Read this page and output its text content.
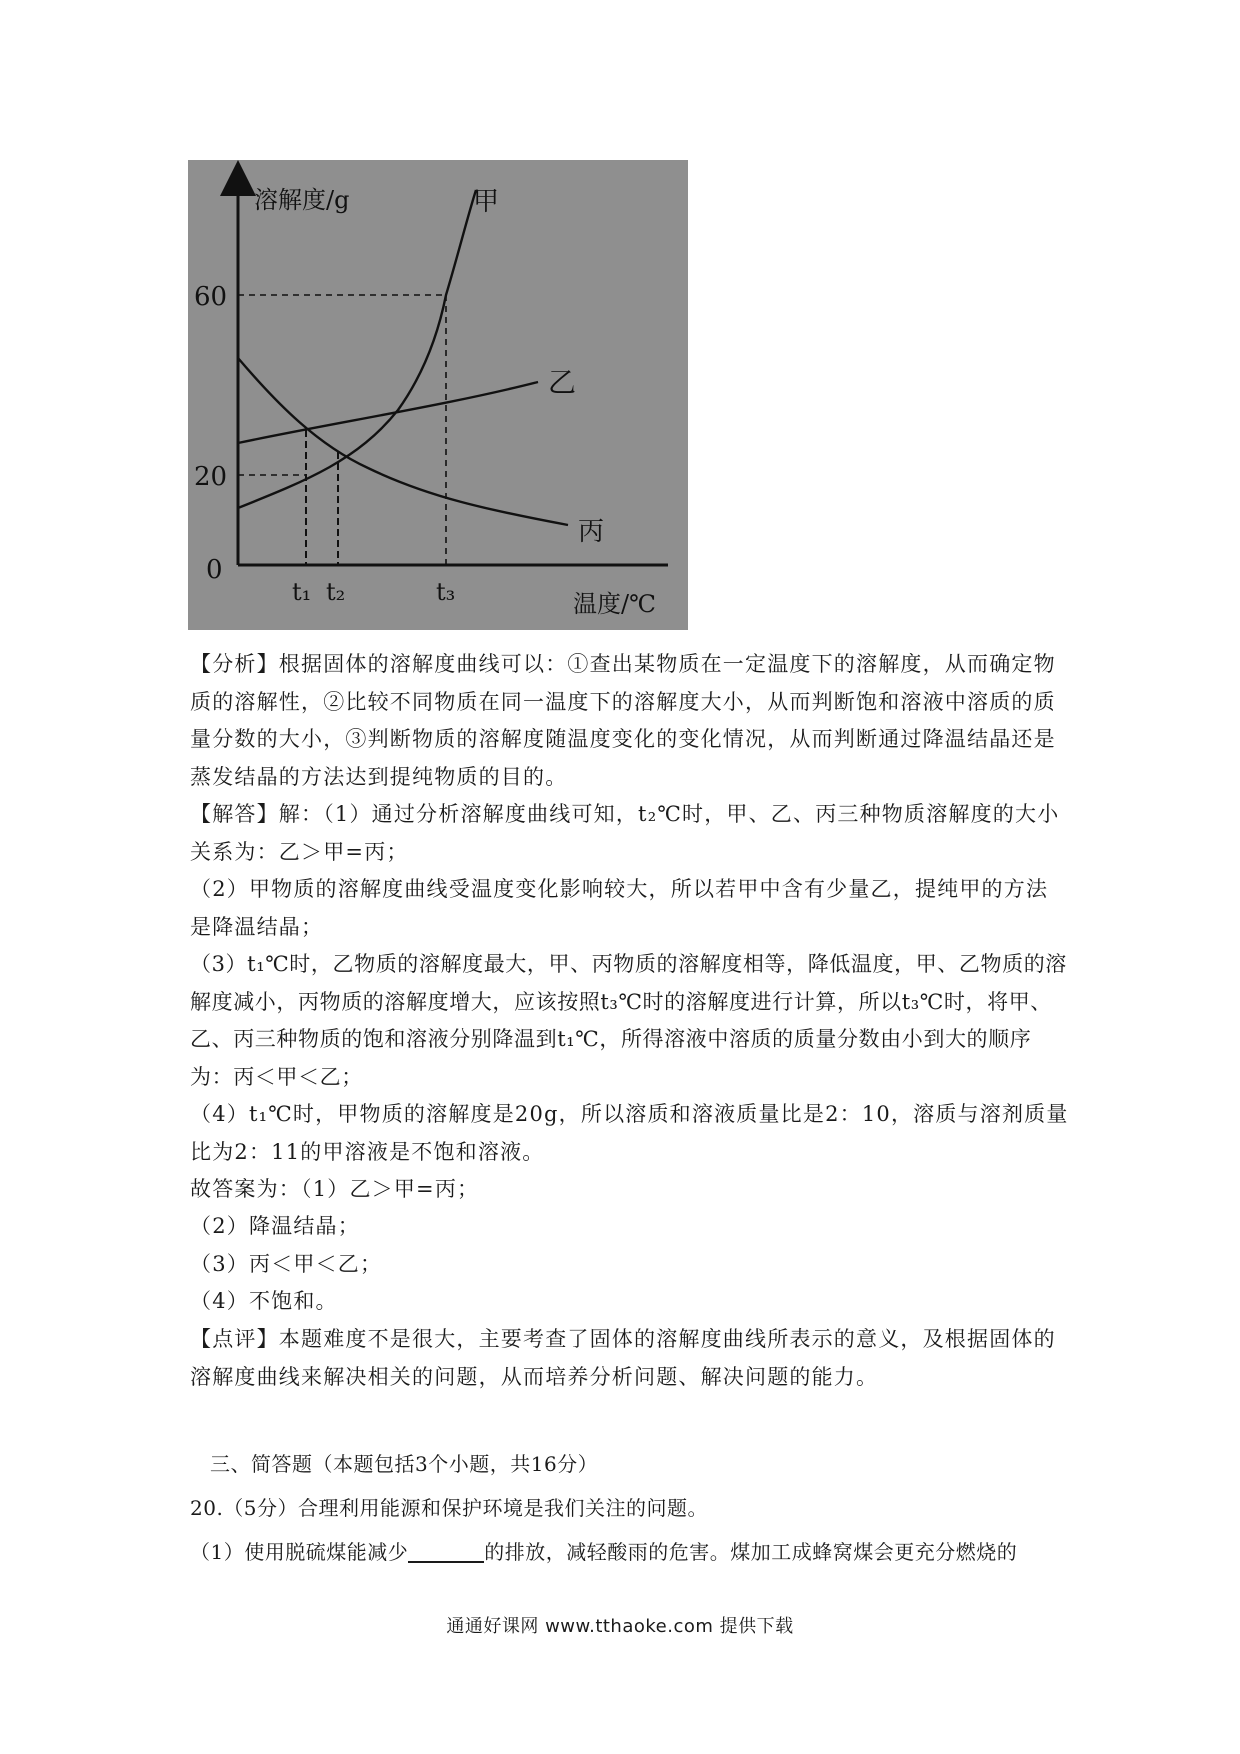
溶解度/g
60
20
0
t₁ t₂	t₃	温度/℃
甲
乙
丙

【分析】根据固体的溶解度曲线可以：①查出某物质在一定温度下的溶解度，从而确定物质的溶解性，②比较不同物质在同一温度下的溶解度大小，从而判断饱和溶液中溶质的质量分数的大小，③判断物质的溶解度随温度变化的变化情况，从而判断通过降温结晶还是蒸发结晶的方法达到提纯物质的目的。

【解答】解：（1）通过分析溶解度曲线可知，t₂℃时，甲、乙、丙三种物质溶解度的大小关系为：乙＞甲=丙；

（2）甲物质的溶解度曲线受温度变化影响较大，所以若甲中含有少量乙，提纯甲的方法是降温结晶；

（3）t₁℃时，乙物质的溶解度最大，甲、丙物质的溶解度相等，降低温度，甲、乙物质的溶解度减小，丙物质的溶解度增大，应该按照t₃℃时的溶解度进行计算，所以t₃℃时，将甲、乙、丙三种物质的饱和溶液分别降温到t₁℃，所得溶液中溶质的质量分数由小到大的顺序为：丙＜甲＜乙；

（4）t₁℃时，甲物质的溶解度是20g，所以溶质和溶液质量比是2：10，溶质与溶剂质量比为2：11的甲溶液是不饱和溶液。

故答案为：（1）乙＞甲=丙；

（2）降温结晶；

（3）丙＜甲＜乙；

（4）不饱和。

【点评】本题难度不是很大，主要考查了固体的溶解度曲线所表示的意义，及根据固体的溶解度曲线来解决相关的问题，从而培养分析问题、解决问题的能力。

三、简答题（本题包括3个小题，共16分）

20.（5分）合理利用能源和保护环境是我们关注的问题。

（1）使用脱硫煤能减少	的排放，减轻酸雨的危害。煤加工成蜂窝煤会更充分燃烧的

通通好课网 www.tthaoke.com 提供下载
